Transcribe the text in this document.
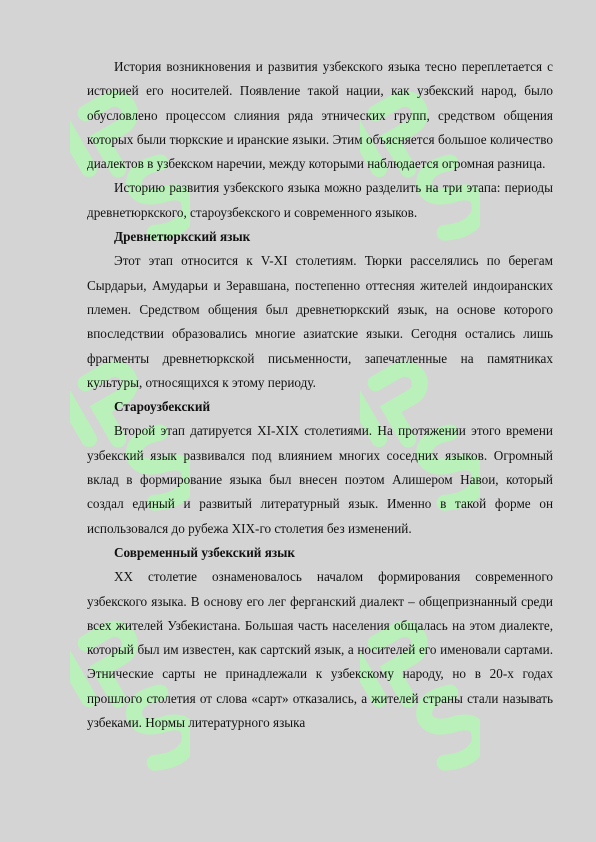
История возникновения и развития узбекского языка тесно переплетается с историей его носителей. Появление такой нации, как узбекский народ, было обусловлено процессом слияния ряда этнических групп, средством общения которых были тюркские и иранские языки. Этим объясняется большое количество диалектов в узбекском наречии, между которыми наблюдается огромная разница.

Историю развития узбекского языка можно разделить на три этапа: периоды древнетюркского, староузбекского и современного языков.

Древнетюркский язык

Этот этап относится к V-XI столетиям. Тюрки расселялись по берегам Сырдарьи, Амударьи и Зеравшана, постепенно оттесняя жителей индоиранских племен. Средством общения был древнетюркский язык, на основе которого впоследствии образовались многие азиатские языки. Сегодня остались лишь фрагменты древнетюркской письменности, запечатленные на памятниках культуры, относящихся к этому периоду.

Староузбекский

Второй этап датируется XI-XIX столетиями. На протяжении этого времени узбекский язык развивался под влиянием многих соседних языков. Огромный вклад в формирование языка был внесен поэтом Алишером Навои, который создал единый и развитый литературный язык. Именно в такой форме он использовался до рубежа XIX-го столетия без изменений.

Современный узбекский язык

XX столетие ознаменовалось началом формирования современного узбекского языка. В основу его лег ферганский диалект – общепризнанный среди всех жителей Узбекистана. Большая часть населения общалась на этом диалекте, который был им известен, как сартский язык, а носителей его именовали сартами. Этнические сарты не принадлежали к узбекскому народу, но в 20-х годах прошлого столетия от слова «сарт» отказались, а жителей страны стали называть узбеками. Нормы литературного языка
